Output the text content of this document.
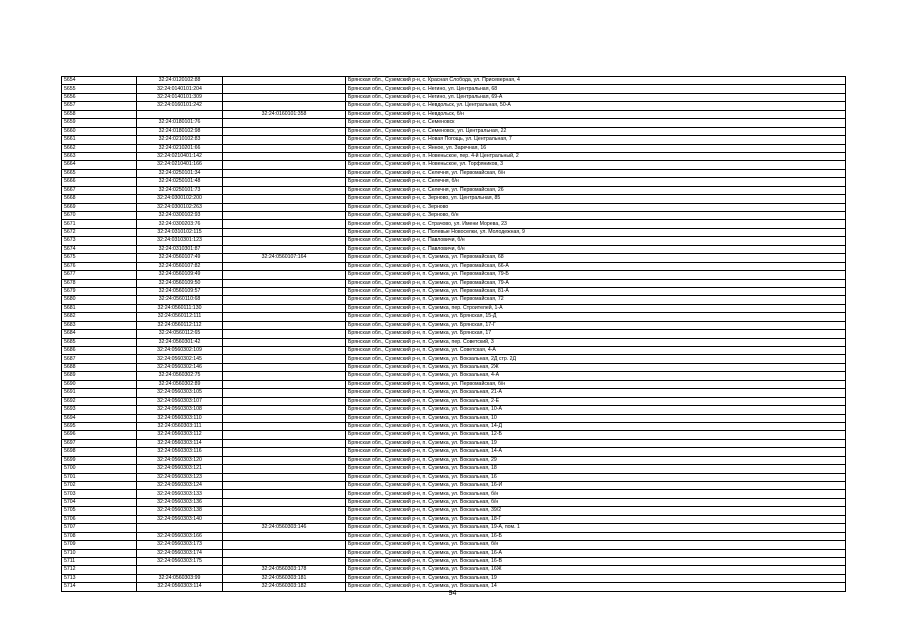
5654	32:24:0120102:88		Брянская обл., Суземский р-н, с. Красная Слобода, ул. Присеверная, 4
5655	32:24:0140101:204		Брянская обл., Суземский р-н, с. Негино, ул. Центральная, 68
5656	32:24:0140101:309		Брянская обл., Суземский р-н, с. Негино, ул. Центральная, 69-А
5657	32:24:0160101:242		Брянская обл., Суземский р-н, с. Невдольск, ул. Центральная, 50-А
5658		32:24:0160101:358	Брянская обл., Суземский р-н, с. Невдольск, б/н
5659	32:24:0180101:76		Брянская обл., Суземский р-н, с. Семеновск
5660	32:24:0180102:98		Брянская обл., Суземский р-н, с. Семеновск, ул. Центральная, 22
5661	32:24:0210102:83		Брянская обл., Суземский р-н, с. Новая Погощь, ул. Центральная, 7
5662	32:24:0210201:66		Брянская обл., Суземский р-н, с. Янное, ул. Заречная, 16
5663	32:24:0210401:142		Брянская обл., Суземский р-н, п. Новеньское, пер. 4-й Центральный, 2
5664	32:24:0210401:166		Брянская обл., Суземский р-н, п. Новеньское, ул. Торфяников, 3
5665	32:24:0250101:34		Брянская обл., Суземский р-н, с. Селечня, ул. Первомайская, б/н
5666	32:24:0250101:48		Брянская обл., Суземский р-н, с. Селечня, б/н
5667	32:24:0250101:73		Брянская обл., Суземский р-н, с. Селечня, ул. Первомайская, 26
5668	32:24:0300102:200		Брянская обл., Суземский р-н, с. Зерново, ул. Центральная, 85
5669	32:24:0300102:263		Брянская обл., Суземский р-н, с. Зерново
5670	32:24:0300102:93		Брянская обл., Суземский р-н, с. Зерново, б/н
5671	32:24:0300203:76		Брянская обл., Суземский р-н, с. Страчово, ул. Имени Морева, 23
5672	32:24:0310102:115		Брянская обл., Суземский р-н, с. Полевые Новоселки, ул. Молодежная, 9
5673	32:24:0310301:123		Брянская обл., Суземский р-н, с. Павловичи, б/н
5674	32:24:0310301:87		Брянская обл., Суземский р-н, с. Павловичи, б/н
5675	32:24:0560107:49	32:24:0560107:164	Брянская обл., Суземский р-н, п. Суземка, ул. Первомайская, 68
5676	32:24:0560107:82		Брянская обл., Суземский р-н, п. Суземка, ул. Первомайская, 66-А
5677	32:24:0560109:49		Брянская обл., Суземский р-н, п. Суземка, ул. Первомайская, 79-Б
5678	32:24:0560109:50		Брянская обл., Суземский р-н, п. Суземка, ул. Первомайская, 79-А
5679	32:24:0560109:57		Брянская обл., Суземский р-н, п. Суземка, ул. Первомайская, 81-А
5680	32:24:0560110:68		Брянская обл., Суземский р-н, п. Суземка, ул. Первомайская, 72
5681	32:24:0560111:130		Брянская обл., Суземский р-н, п. Суземка, пер. Строителей, 1-А
5682	32:24:0560112:111		Брянская обл., Суземский р-н, п. Суземка, ул. Брянская, 15-Д
5683	32:24:0560112:112		Брянская обл., Суземский р-н, п. Суземка, ул. Брянская, 17-Г
5684	32:24:0560112:65		Брянская обл., Суземский р-н, п. Суземка, ул. Брянская, 17
5685	32:24:0560301:42		Брянская обл., Суземский р-н, п. Суземка, пер. Советский, 3
5686	32:24:0560302:109		Брянская обл., Суземский р-н, п. Суземка, ул. Советская, 4-А
5687	32:24:0560302:145		Брянская обл., Суземский р-н, п. Суземка, ул. Вокзальная, 2Д стр. 2Д
5688	32:24:0560302:146		Брянская обл., Суземский р-н, п. Суземка, ул. Вокзальная, 2Ж
5689	32:24:0560302:75		Брянская обл., Суземский р-н, п. Суземка, ул. Вокзальная, 4-А
5690	32:24:0560302:89		Брянская обл., Суземский р-н, п. Суземка, ул. Первомайская, б/н
5691	32:24:0560303:105		Брянская обл., Суземский р-н, п. Суземка, ул. Вокзальная, 21-А
5692	32:24:0560303:107		Брянская обл., Суземский р-н, п. Суземка, ул. Вокзальная, 2-Е
5693	32:24:0560303:108		Брянская обл., Суземский р-н, п. Суземка, ул. Вокзальная, 10-А
5694	32:24:0560303:110		Брянская обл., Суземский р-н, п. Суземка, ул. Вокзальная, 10
5695	32:24:0560303:111		Брянская обл., Суземский р-н, п. Суземка, ул. Вокзальная, 14-Д
5696	32:24:0560303:112		Брянская обл., Суземский р-н, п. Суземка, ул. Вокзальная, 12-Б
5697	32:24:0560303:114		Брянская обл., Суземский р-н, п. Суземка, ул. Вокзальная, 19
5698	32:24:0560303:116		Брянская обл., Суземский р-н, п. Суземка, ул. Вокзальная, 14-А
5699	32:24:0560303:120		Брянская обл., Суземский р-н, п. Суземка, ул. Вокзальная, 29
5700	32:24:0560303:121		Брянская обл., Суземский р-н, п. Суземка, ул. Вокзальная, 18
5701	32:24:0560303:123		Брянская обл., Суземский р-н, п. Суземка, ул. Вокзальная, 16
5702	32:24:0560303:124		Брянская обл., Суземский р-н, п. Суземка, ул. Вокзальная, 16-И
5703	32:24:0560303:133		Брянская обл., Суземский р-н, п. Суземка, ул. Вокзальная, б/н
5704	32:24:0560303:136		Брянская обл., Суземский р-н, п. Суземка, ул. Вокзальная, б/н
5705	32:24:0560303:138		Брянская обл., Суземский р-н, п. Суземка, ул. Вокзальная, 39/2
5706	32:24:0560303:140		Брянская обл., Суземский р-н, п. Суземка, ул. Вокзальная, 18-Г
5707		32:24:0560303:146	Брянская обл., Суземский р-н, п. Суземка, ул. Вокзальная, 19-А, пом. 1
5708	32:24:0560303:166		Брянская обл., Суземский р-н, п. Суземка, ул. Вокзальная, 16-Б
5709	32:24:0560303:173		Брянская обл., Суземский р-н, п. Суземка, ул. Вокзальная, б/н
5710	32:24:0560303:174		Брянская обл., Суземский р-н, п. Суземка, ул. Вокзальная, 16-А
5711	32:24:0560303:175		Брянская обл., Суземский р-н, п. Суземка, ул. Вокзальная, 16-В
5712		32:24:0560303:178	Брянская обл., Суземский р-н, п. Суземка, ул. Вокзальная, 16Ж
5713	32:24:0560303:99	32:24:0560303:181	Брянская обл., Суземский р-н, п. Суземка, ул. Вокзальная, 19
5714	32:24:0560303:114	32:24:0560303:182	Брянская обл., Суземский р-н, п. Суземка, ул. Вокзальная, 14
94
